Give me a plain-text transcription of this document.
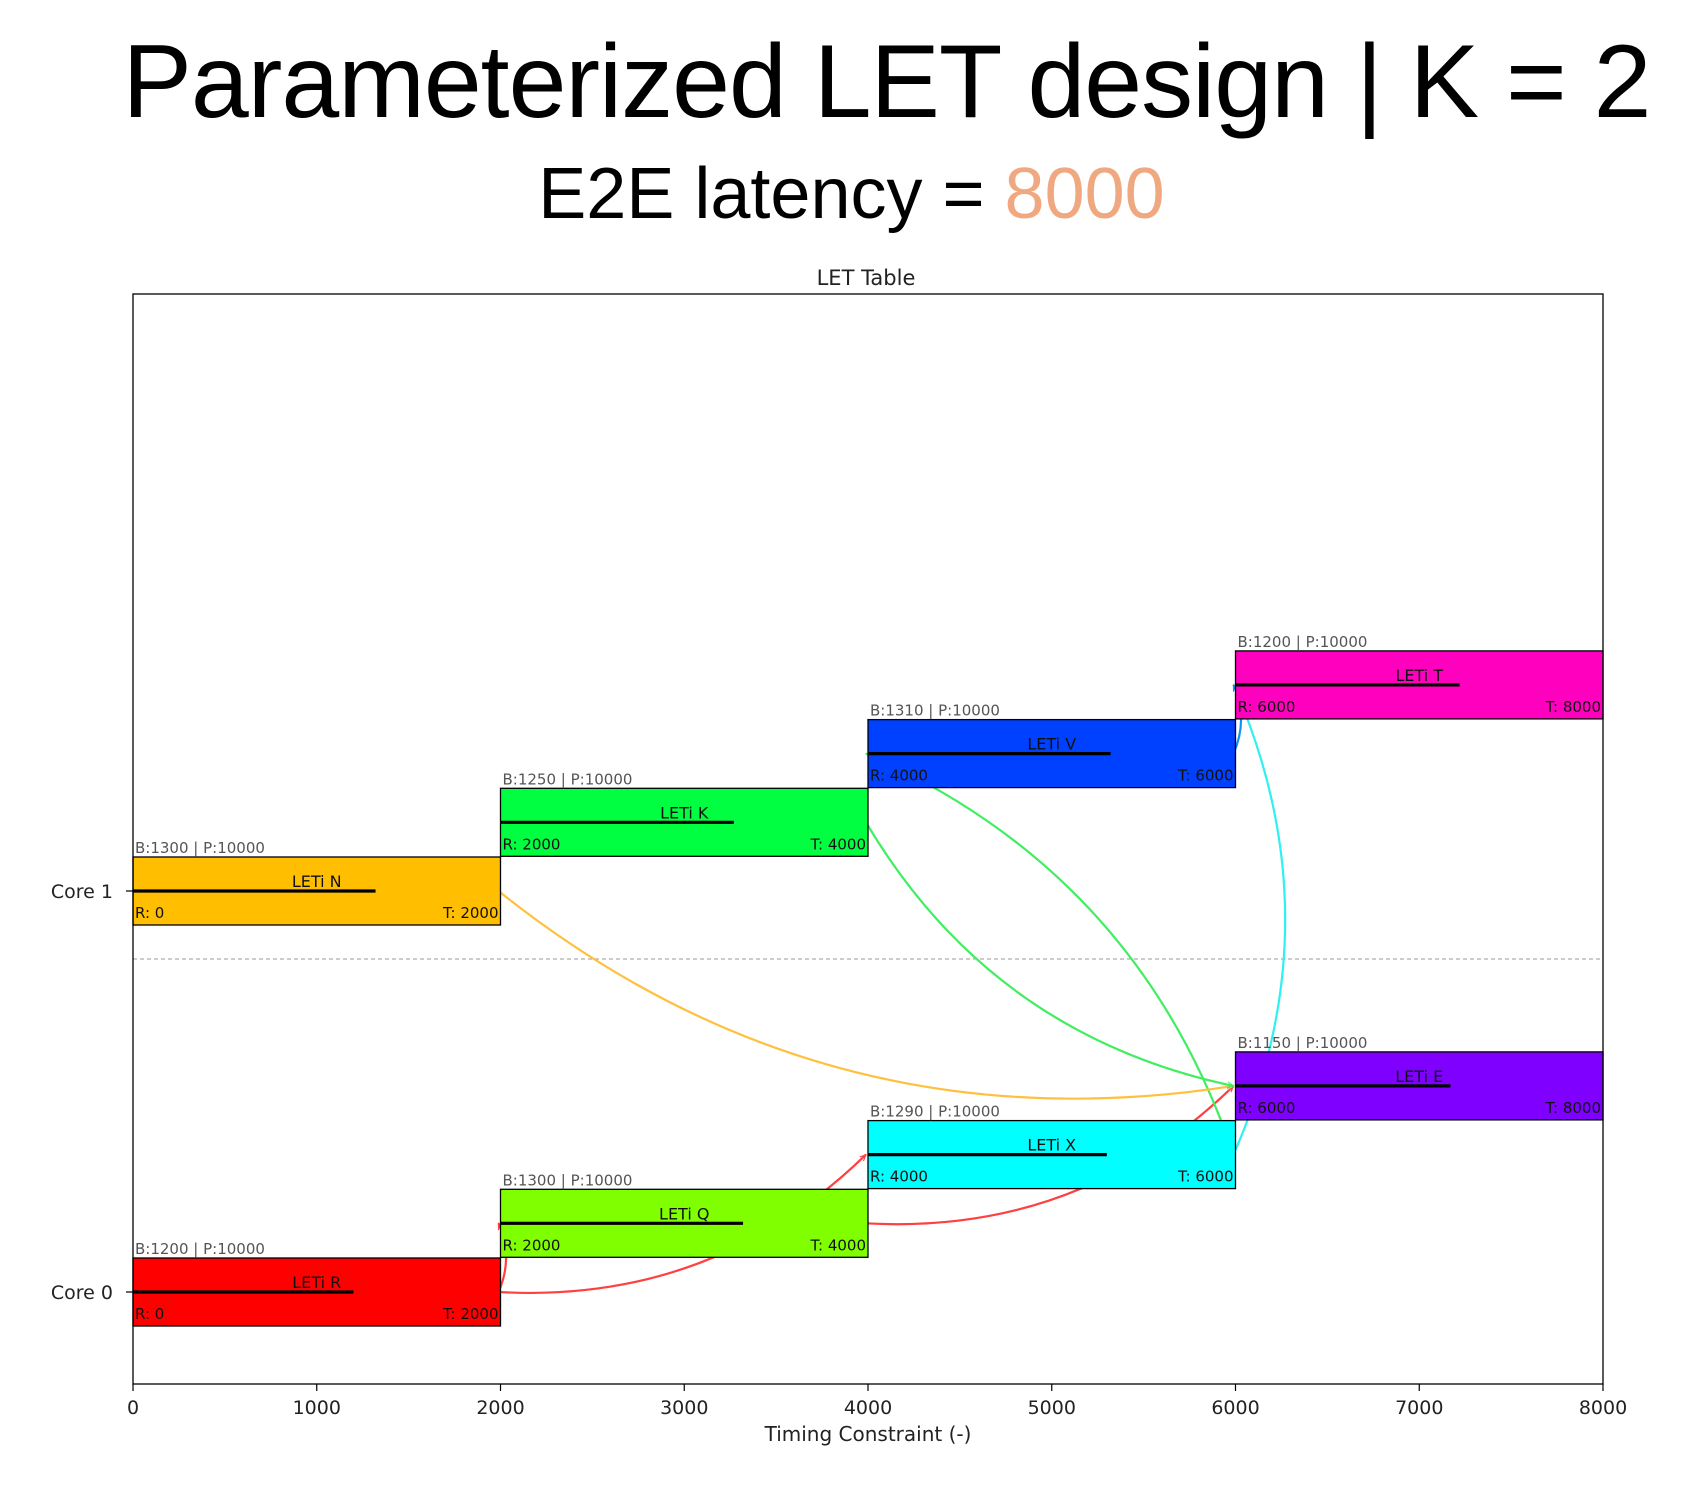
Parameterized LET design | K = 2
E2E latency = 8000
LET Table
0	1000	2000	3000	4000	5000	6000	7000	8000
Core 0
Core 1
LETi R
B:1200 | P:10000
R: 0	T: 2000
LETi Q
B:1300 | P:10000
R: 2000	T: 4000
LETi X
B:1290 | P:10000
R: 4000	T: 6000
LETi E
B:1150 | P:10000
R: 6000	T: 8000
LETi N
B:1300 | P:10000
R: 0	T: 2000
LETi K
B:1250 | P:10000
R: 2000	T: 4000
LETi V
B:1310 | P:10000
R: 4000	T: 6000
LETi T
B:1200 | P:10000
R: 6000	T: 8000
Timing Constraint (-)
